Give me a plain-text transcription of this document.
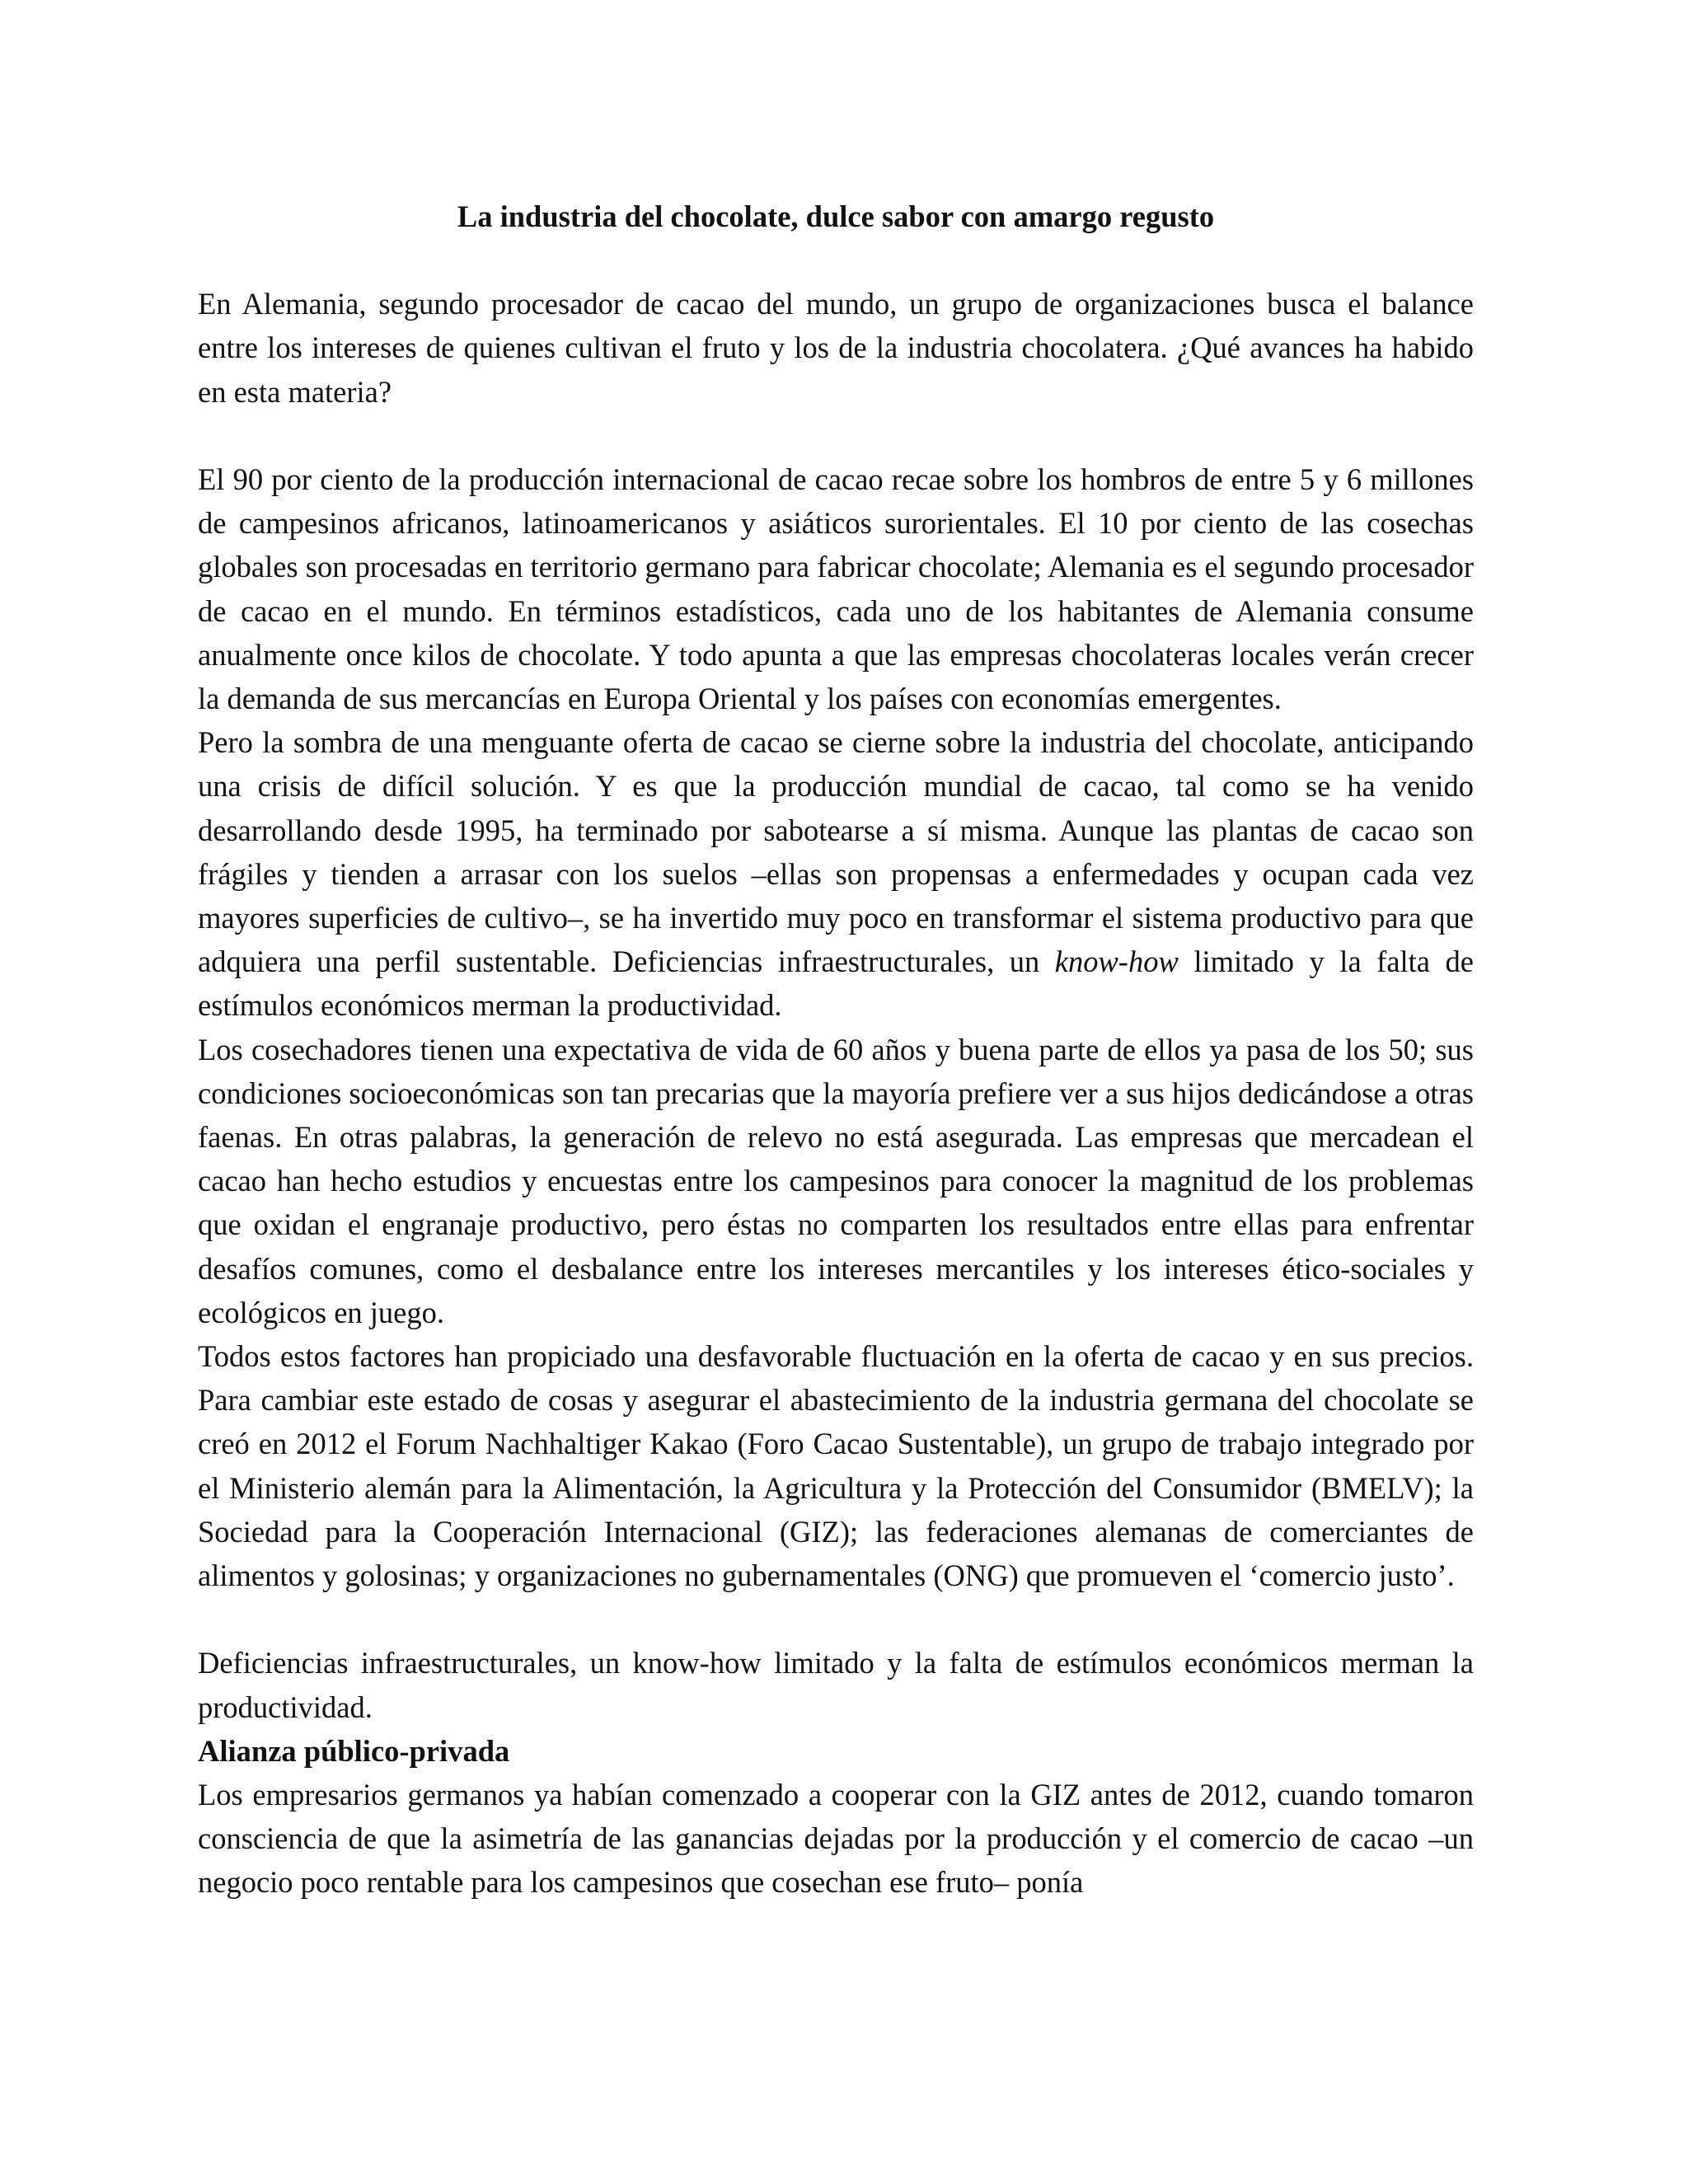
La industria del chocolate, dulce sabor con amargo regusto

En Alemania, segundo procesador de cacao del mundo, un grupo de organizaciones busca el balance entre los intereses de quienes cultivan el fruto y los de la industria chocolatera. ¿Qué avances ha habido en esta materia?

El 90 por ciento de la producción internacional de cacao recae sobre los hombros de entre 5 y 6 millones de campesinos africanos, latinoamericanos y asiáticos surorientales. El 10 por ciento de las cosechas globales son procesadas en territorio germano para fabricar chocolate; Alemania es el segundo procesador de cacao en el mundo. En términos estadísticos, cada uno de los habitantes de Alemania consume anualmente once kilos de chocolate. Y todo apunta a que las empresas chocolateras locales verán crecer la demanda de sus mercancías en Europa Oriental y los países con economías emergentes.

Pero la sombra de una menguante oferta de cacao se cierne sobre la industria del chocolate, anticipando una crisis de difícil solución. Y es que la producción mundial de cacao, tal como se ha venido desarrollando desde 1995, ha terminado por sabotearse a sí misma. Aunque las plantas de cacao son frágiles y tienden a arrasar con los suelos –ellas son propensas a enfermedades y ocupan cada vez mayores superficies de cultivo–, se ha invertido muy poco en transformar el sistema productivo para que adquiera una perfil sustentable. Deficiencias infraestructurales, un know-how limitado y la falta de estímulos económicos merman la productividad.

Los cosechadores tienen una expectativa de vida de 60 años y buena parte de ellos ya pasa de los 50; sus condiciones socioeconómicas son tan precarias que la mayoría prefiere ver a sus hijos dedicándose a otras faenas. En otras palabras, la generación de relevo no está asegurada. Las empresas que mercadean el cacao han hecho estudios y encuestas entre los campesinos para conocer la magnitud de los problemas que oxidan el engranaje productivo, pero éstas no comparten los resultados entre ellas para enfrentar desafíos comunes, como el desbalance entre los intereses mercantiles y los intereses ético-sociales y ecológicos en juego.

Todos estos factores han propiciado una desfavorable fluctuación en la oferta de cacao y en sus precios. Para cambiar este estado de cosas y asegurar el abastecimiento de la industria germana del chocolate se creó en 2012 el Forum Nachhaltiger Kakao (Foro Cacao Sustentable), un grupo de trabajo integrado por el Ministerio alemán para la Alimentación, la Agricultura y la Protección del Consumidor (BMELV); la Sociedad para la Cooperación Internacional (GIZ); las federaciones alemanas de comerciantes de alimentos y golosinas; y organizaciones no gubernamentales (ONG) que promueven el ‘comercio justo’.

Deficiencias infraestructurales, un know-how limitado y la falta de estímulos económicos merman la productividad.

Alianza público-privada

Los empresarios germanos ya habían comenzado a cooperar con la GIZ antes de 2012, cuando tomaron consciencia de que la asimetría de las ganancias dejadas por la producción y el comercio de cacao –un negocio poco rentable para los campesinos que cosechan ese fruto– ponía
